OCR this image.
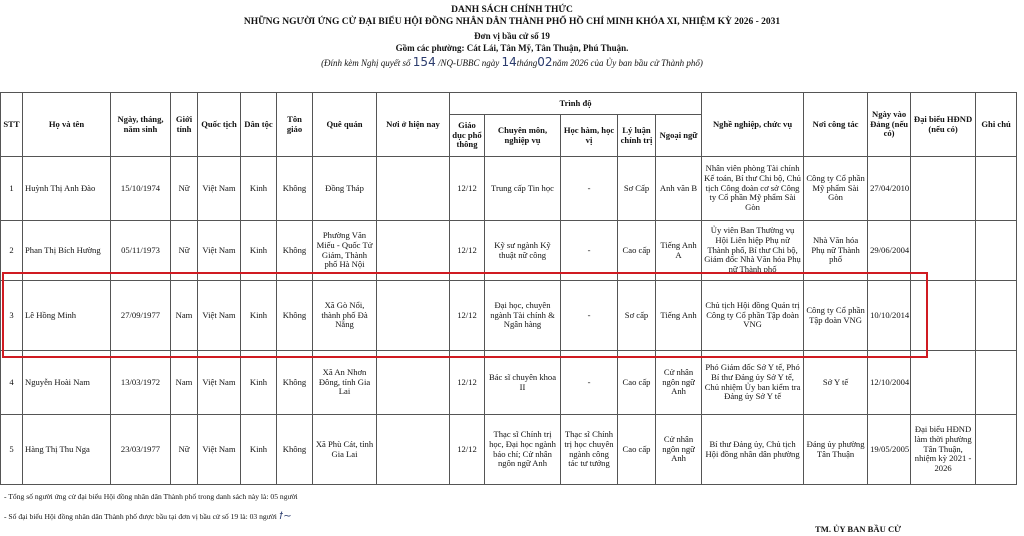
DANH SÁCH CHÍNH THỨC
NHỮNG NGƯỜI ỨNG CỬ ĐẠI BIỂU HỘI ĐỒNG NHÂN DÂN THÀNH PHỐ HỒ CHÍ MINH KHÓA XI, NHIỆM KỲ 2026 - 2031
Đơn vị bầu cử số 19
Gồm các phường: Cát Lái, Tân Mỹ, Tân Thuận, Phú Thuận.
(Đính kèm Nghị quyết số 154 /NQ-UBBC ngày 14tháng02năm 2026 của Ủy ban bầu cử Thành phố)
STT	Họ và tên	Ngày, tháng, năm sinh	Giới tính	Quốc tịch	Dân tộc	Tôn giáo	Quê quán	Nơi ở hiện nay	Trình độ					Nghề nghiệp, chức vụ	Nơi công tác	Ngày vào Đảng (nếu có)	Đại biểu HĐND (nếu có)	Ghi chú
									Giáo dục phổ thông	Chuyên môn, nghiệp vụ	Học hàm, học vị	Lý luận chính trị	Ngoại ngữ					
1	Huỳnh Thị Anh Đào	15/10/1974	Nữ	Việt Nam	Kinh	Không	Đồng Tháp		12/12	Trung cấp Tin học	-	Sơ Cấp	Anh văn B	Nhân viên phòng Tài chính Kế toán, Bí thư Chi bộ, Chủ tịch Công đoàn cơ sở Công ty Cổ phần Mỹ phẩm Sài Gòn	Công ty Cổ phần Mỹ phẩm Sài Gòn	27/04/2010		
2	Phan Thị Bích Hường	05/11/1973	Nữ	Việt Nam	Kinh	Không	Phường Văn Miếu - Quốc Tử Giám, Thành phố Hà Nội		12/12	Kỹ sư ngành Kỹ thuật nữ công	-	Cao cấp	Tiếng Anh A	Ủy viên Ban Thường vụ Hội Liên hiệp Phụ nữ Thành phố, Bí thư Chi bộ, Giám đốc Nhà Văn hóa Phụ nữ Thành phố	Nhà Văn hóa Phụ nữ Thành phố	29/06/2004		
3	Lê Hồng Minh	27/09/1977	Nam	Việt Nam	Kinh	Không	Xã Gò Nổi, thành phố Đà Nẵng		12/12	Đại học, chuyên ngành Tài chính & Ngân hàng	-	Sơ cấp	Tiếng Anh	Chủ tịch Hội đồng Quản trị Công ty Cổ phần Tập đoàn VNG	Công ty Cổ phần Tập đoàn VNG	10/10/2014		
4	Nguyễn Hoài Nam	13/03/1972	Nam	Việt Nam	Kinh	Không	Xã An Nhơn Đông, tỉnh Gia Lai		12/12	Bác sĩ chuyên khoa II	-	Cao cấp	Cử nhân ngôn ngữ Anh	Phó Giám đốc Sở Y tế, Phó Bí thư Đảng ủy Sở Y tế, Chủ nhiệm Ủy ban kiểm tra Đảng ủy Sở Y tế	Sở Y tế	12/10/2004		
5	Hàng Thị Thu Nga	23/03/1977	Nữ	Việt Nam	Kinh	Không	Xã Phù Cát, tỉnh Gia Lai		12/12	Thạc sĩ Chính trị học, Đại học ngành báo chí; Cử nhân ngôn ngữ Anh	Thạc sĩ Chính trị học chuyên ngành công tác tư tưởng	Cao cấp	Cử nhân ngôn ngữ Anh	Bí thư Đảng ủy, Chủ tịch Hội đồng nhân dân phường	Đảng ủy phường Tân Thuận	19/05/2005	Đại biểu HĐND làm thời phường Tân Thuận, nhiệm kỳ 2021 - 2026	
- Tổng số người ứng cử đại biểu Hội đồng nhân dân Thành phố trong danh sách này là: 05 người
- Số đại biểu Hội đồng nhân dân Thành phố được bầu tại đơn vị bầu cử số 19 là: 03 người ꝉ~
TM. ỦY BAN BẦU CỬ
